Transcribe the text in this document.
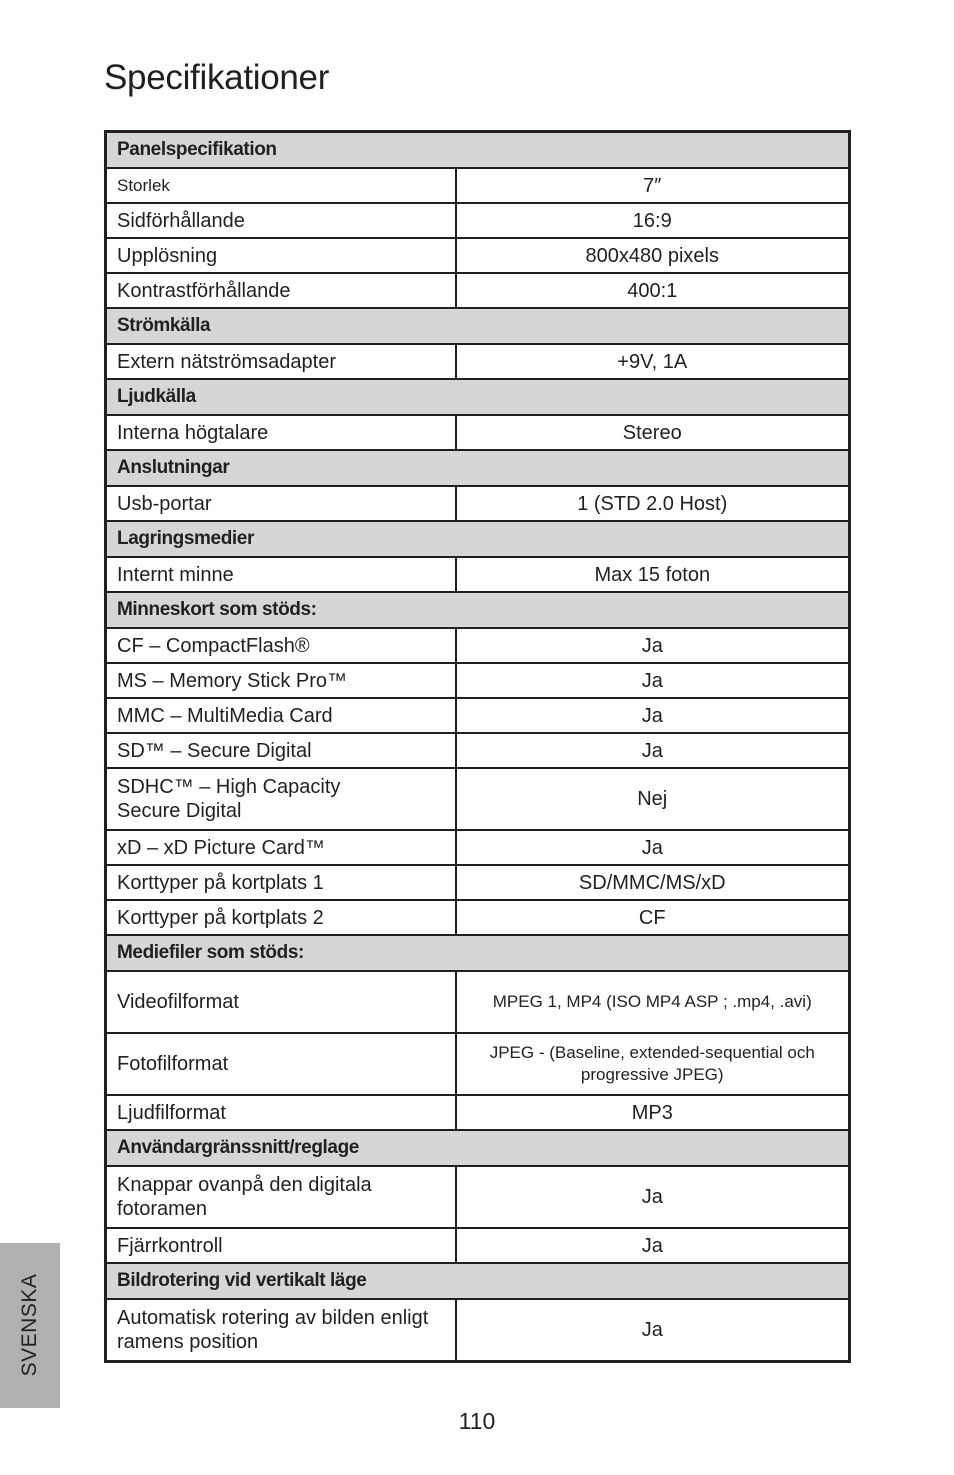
Specifikationer
Panelspecifikation	
Storlek	7″
Sidförhållande	16:9
Upplösning	800x480 pixels
Kontrastförhållande	400:1
Strömkälla	
Extern nätströmsadapter	+9V, 1A
Ljudkälla	
Interna högtalare	Stereo
Anslutningar	
Usb-portar	1 (STD 2.0 Host)
Lagringsmedier	
Internt minne	Max 15 foton
Minneskort som stöds:	
CF – CompactFlash®	Ja
MS – Memory Stick Pro™	Ja
MMC – MultiMedia Card	Ja
SD™ – Secure Digital	Ja
SDHC™ – High Capacity
Secure Digital	Nej
xD – xD Picture Card™	Ja
Korttyper på kortplats 1	SD/MMC/MS/xD
Korttyper på kortplats 2	CF
Mediefiler som stöds:	
Videofilformat	MPEG 1, MP4 (ISO MP4 ASP ; .mp4, .avi)
Fotofilformat	JPEG - (Baseline, extended-sequential och
progressive JPEG)
Ljudfilformat	MP3
Användargränssnitt/reglage	
Knappar ovanpå den digitala
fotoramen	Ja
Fjärrkontroll	Ja
Bildrotering vid vertikalt läge	
Automatisk rotering av bilden enligt
ramens position	Ja
SVENSKA
110
